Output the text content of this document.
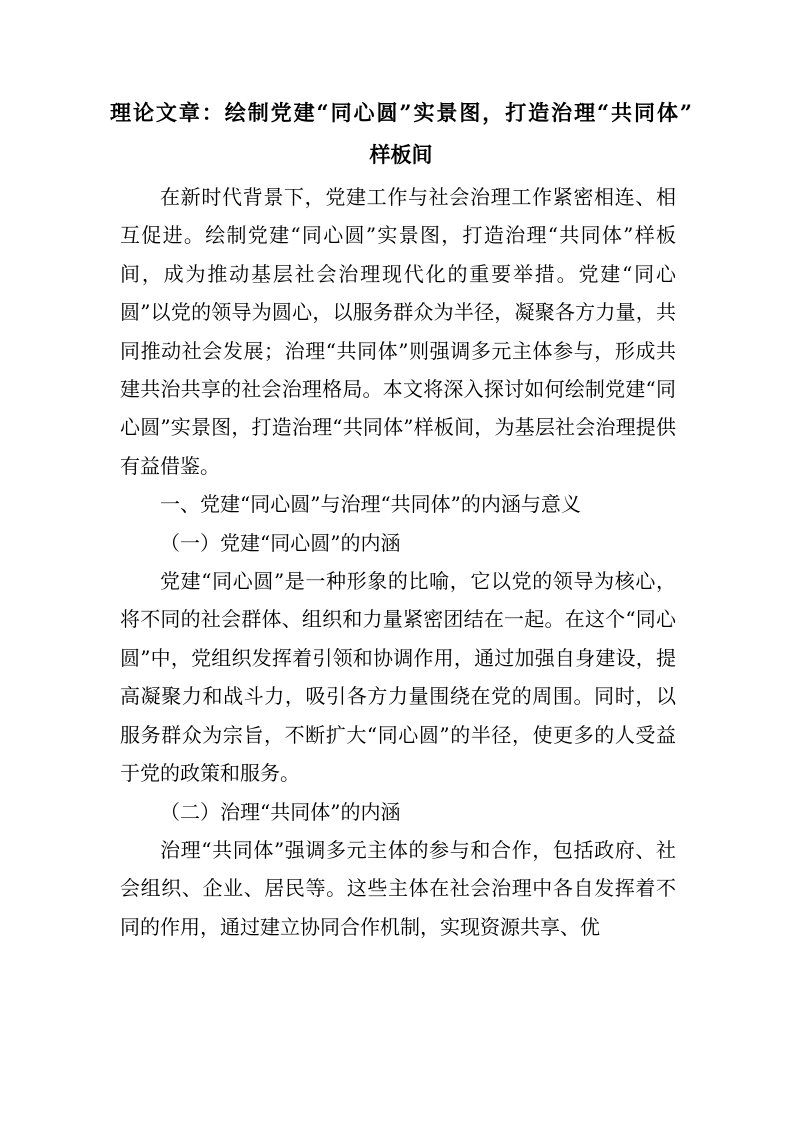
理论文章：绘制党建“同心圆”实景图，打造治理“共同体”
样板间

在新时代背景下，党建工作与社会治理工作紧密相连、相互促进。绘制党建“同心圆”实景图，打造治理“共同体”样板间，成为推动基层社会治理现代化的重要举措。党建“同心圆”以党的领导为圆心，以服务群众为半径，凝聚各方力量，共同推动社会发展；治理“共同体”则强调多元主体参与，形成共建共治共享的社会治理格局。本文将深入探讨如何绘制党建“同心圆”实景图，打造治理“共同体”样板间，为基层社会治理提供有益借鉴。

一、党建“同心圆”与治理“共同体”的内涵与意义

（一）党建“同心圆”的内涵

党建“同心圆”是一种形象的比喻，它以党的领导为核心，将不同的社会群体、组织和力量紧密团结在一起。在这个“同心圆”中，党组织发挥着引领和协调作用，通过加强自身建设，提高凝聚力和战斗力，吸引各方力量围绕在党的周围。同时，以服务群众为宗旨，不断扩大“同心圆”的半径，使更多的人受益于党的政策和服务。

（二）治理“共同体”的内涵

治理“共同体”强调多元主体的参与和合作，包括政府、社会组织、企业、居民等。这些主体在社会治理中各自发挥着不同的作用，通过建立协同合作机制，实现资源共享、优
